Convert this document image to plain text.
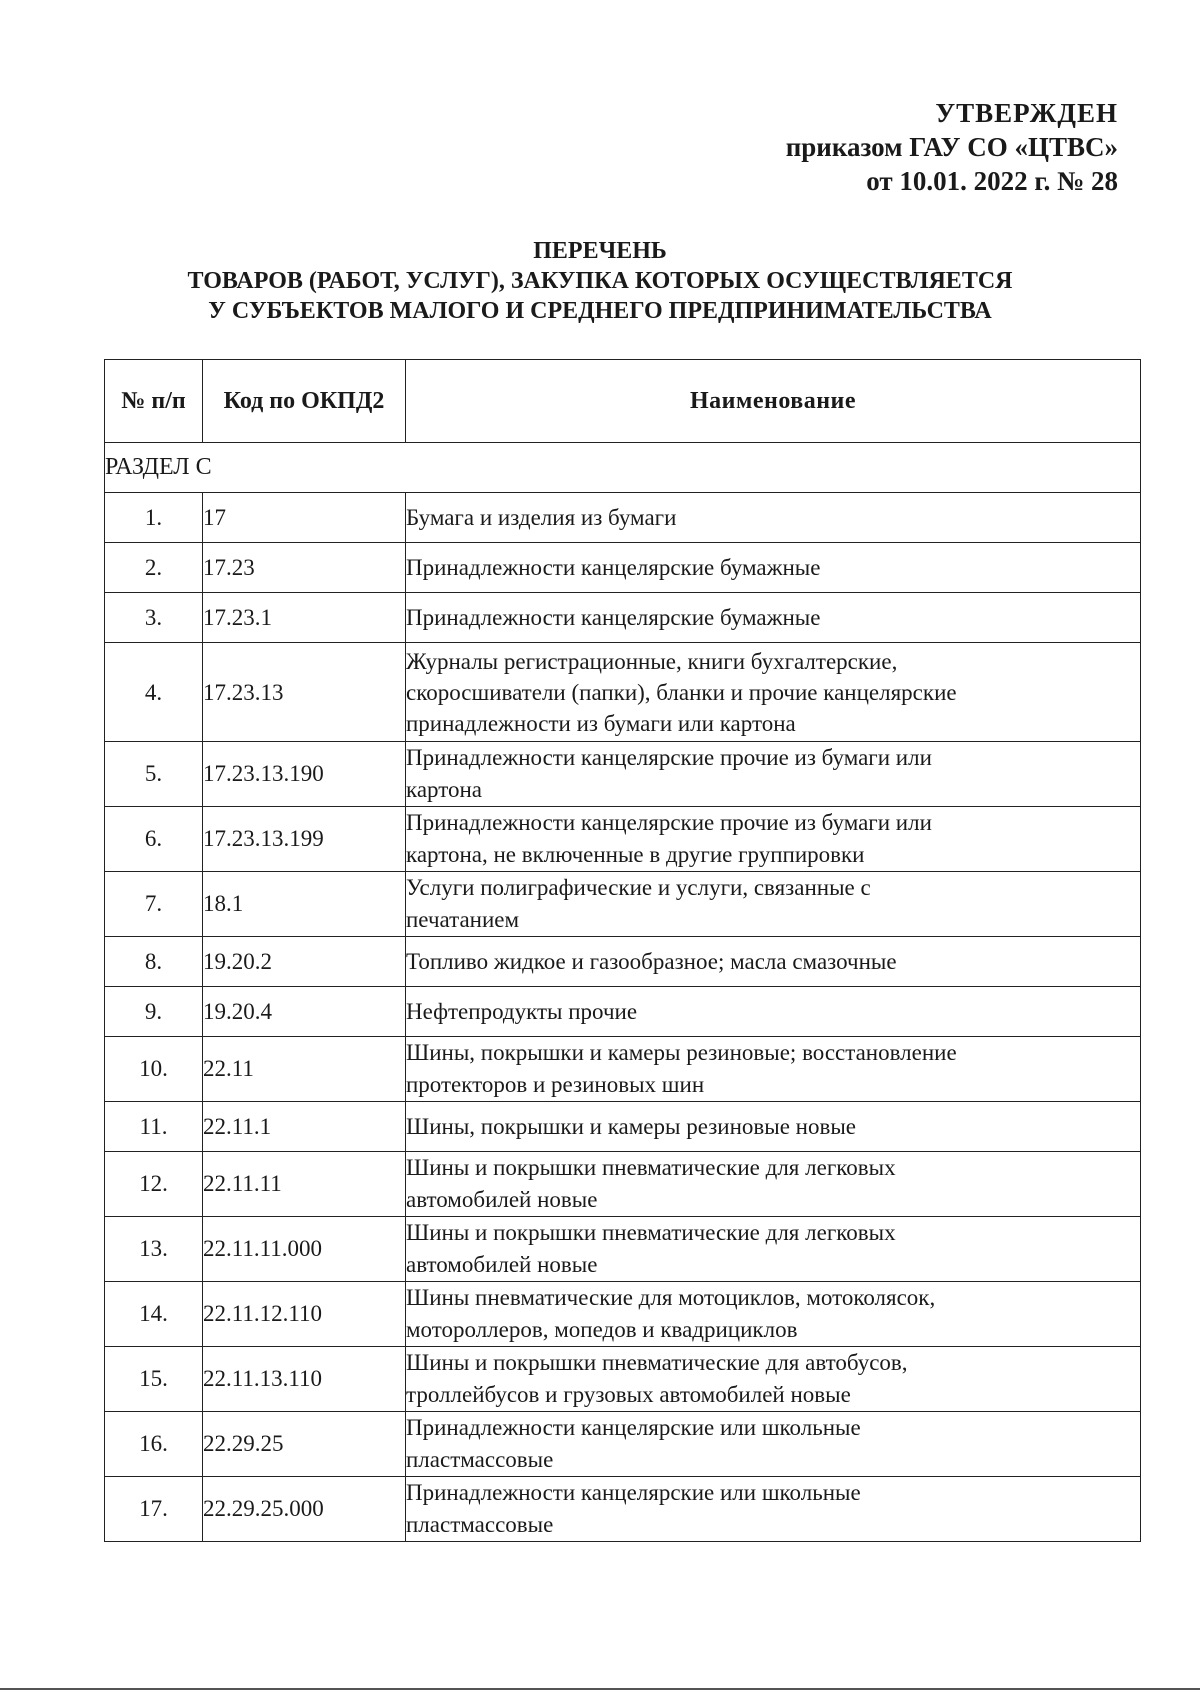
УТВЕРЖДЕН
приказом ГАУ СО «ЦТВС»
от 10.01. 2022 г. № 28
ПЕРЕЧЕНЬ
ТОВАРОВ (РАБОТ, УСЛУГ), ЗАКУПКА КОТОРЫХ ОСУЩЕСТВЛЯЕТСЯ
У СУБЪЕКТОВ МАЛОГО И СРЕДНЕГО ПРЕДПРИНИМАТЕЛЬСТВА
№ п/п	Код по ОКПД2	Наименование
РАЗДЕЛ С		
1.	17	Бумага и изделия из бумаги

2.	17.23	Принадлежности канцелярские бумажные

3.	17.23.1	Принадлежности канцелярские бумажные

4.	17.23.13	Журналы регистрационные, книги бухгалтерские,
скоросшиватели (папки), бланки и прочие канцелярские
принадлежности из бумаги или картона

5.	17.23.13.190	Принадлежности канцелярские прочие из бумаги или
картона

6.	17.23.13.199	Принадлежности канцелярские прочие из бумаги или
картона, не включенные в другие группировки

7.	18.1	Услуги полиграфические и услуги, связанные с
печатанием

8.	19.20.2	Топливо жидкое и газообразное; масла смазочные

9.	19.20.4	Нефтепродукты прочие

10.	22.11	Шины, покрышки и камеры резиновые; восстановление
протекторов и резиновых шин

11.	22.11.1	Шины, покрышки и камеры резиновые новые

12.	22.11.11	Шины и покрышки пневматические для легковых
автомобилей новые

13.	22.11.11.000	Шины и покрышки пневматические для легковых
автомобилей новые

14.	22.11.12.110	Шины пневматические для мотоциклов, мотоколясок,
мотороллеров, мопедов и квадрициклов

15.	22.11.13.110	Шины и покрышки пневматические для автобусов,
троллейбусов и грузовых автомобилей новые

16.	22.29.25	Принадлежности канцелярские или школьные
пластмассовые

17.	22.29.25.000	Принадлежности канцелярские или школьные
пластмассовые
